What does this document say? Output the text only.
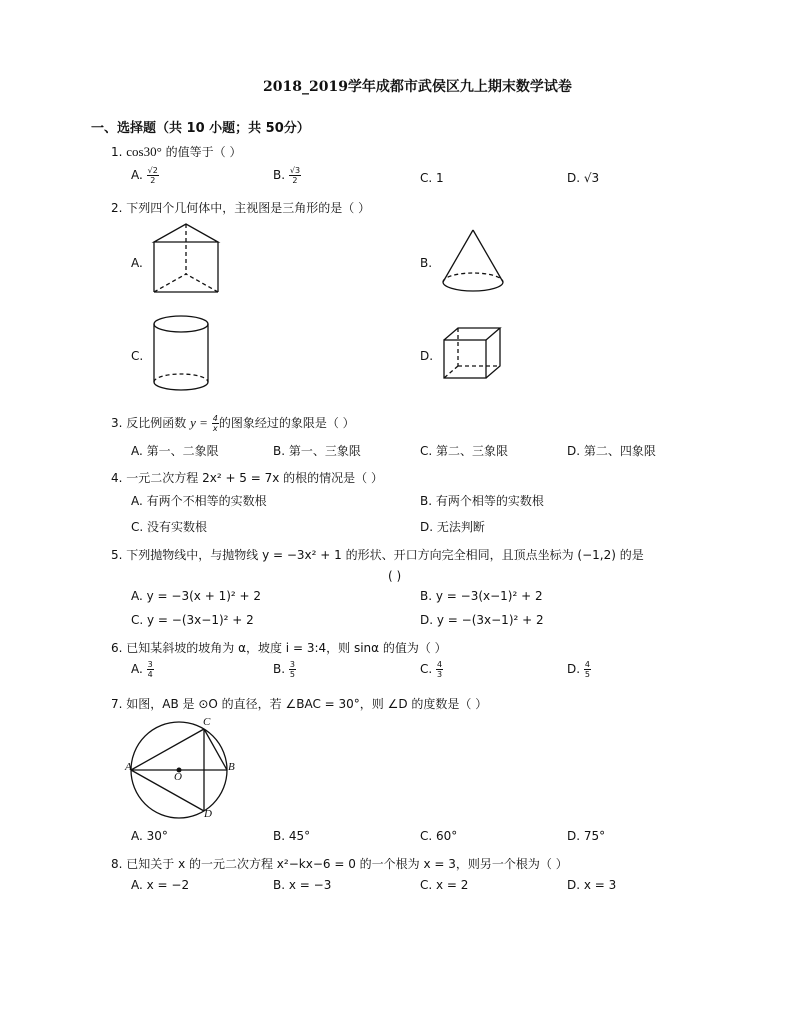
2018_2019学年成都市武侯区九上期末数学试卷
一、选择题（共 10 小题；共 50分）
1. cos30° 的值等于（ ）
A. $\frac{√2}{2}$	B. $\frac{√3}{2}$	C. 1	D. √3
2. 下列四个几何体中，主视图是三角形的是（ ）
A.	B.
C.	D.
3. 反比例函数 $y = \frac{4}{x}$ 的图象经过的象限是（ ）
A. 第一、二象限	B. 第一、三象限	C. 第二、三象限	D. 第二、四象限
4. 一元二次方程 2x² + 5 = 7x 的根的情况是（ ）
A. 有两个不相等的实数根	B. 有两个相等的实数根
C. 没有实数根	D. 无法判断
5. 下列抛物线中，与抛物线 y = −3x² + 1 的形状、开口方向完全相同，且顶点坐标为 (−1,2) 的是
( )
A. y = −3(x + 1)² + 2	B. y = −3(x−1)² + 2
C. y = −(3x−1)² + 2	D. y = −(3x−1)² + 2
6. 已知某斜坡的坡角为 α，坡度 i = 3:4，则 sinα 的值为（ ）
A. $\frac{3}{4}$	B. $\frac{3}{5}$	C. $\frac{4}{3}$	D. $\frac{4}{5}$
7. 如图，AB 是 ⊙O 的直径，若 ∠BAC = 30°，则 ∠D 的度数是（ ）
A	B
C
D
O
A. 30°	B. 45°	C. 60°	D. 75°
8. 已知关于 x 的一元二次方程 x²−kx−6 = 0 的一个根为 x = 3，则另一个根为（ ）
A. x = −2	B. x = −3	C. x = 2	D. x = 3
